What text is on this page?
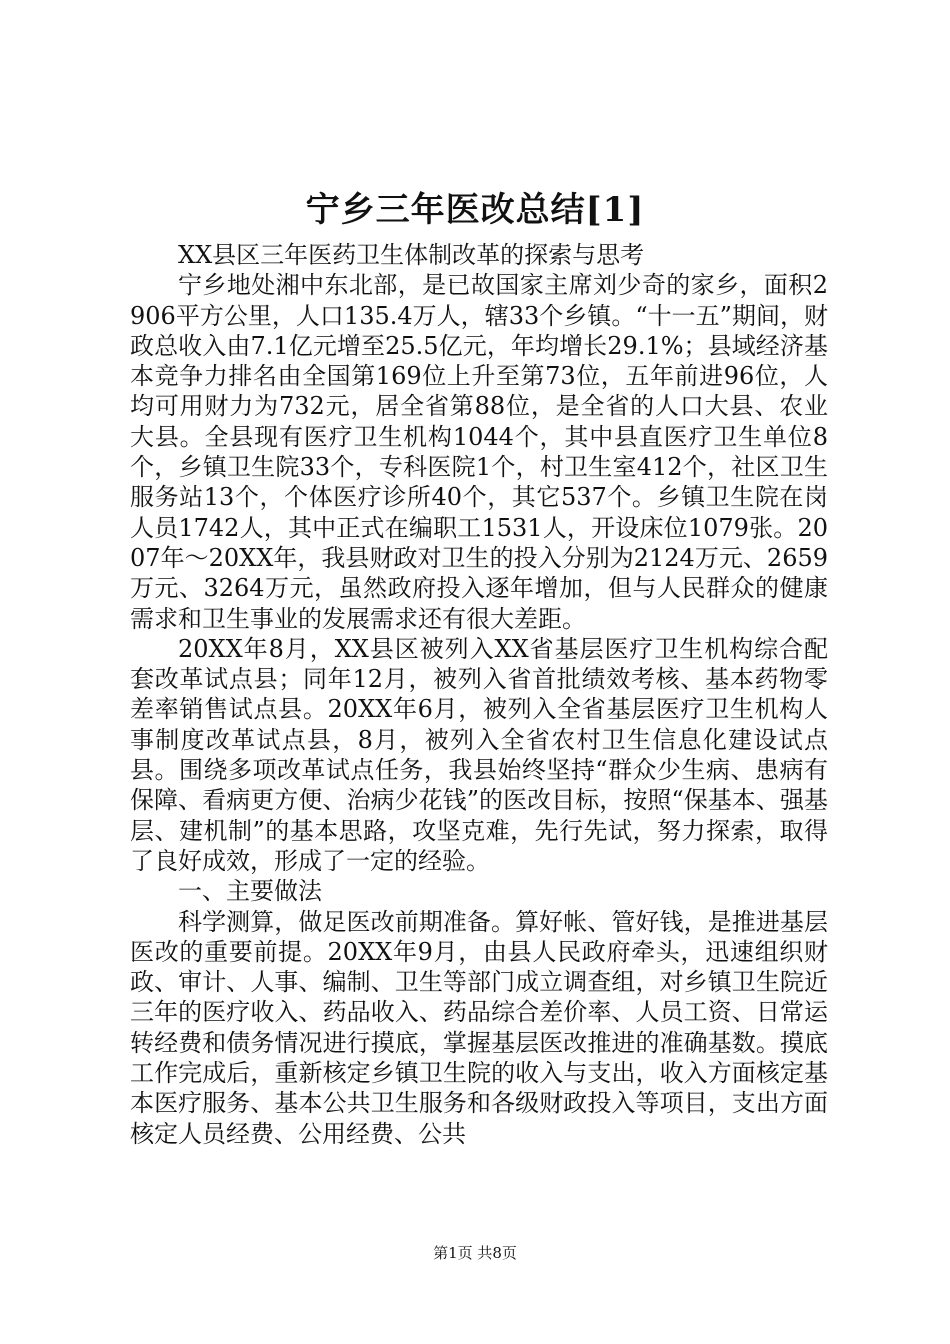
宁乡三年医改总结[1]

XX县区三年医药卫生体制改革的探索与思考

宁乡地处湘中东北部，是已故国家主席刘少奇的家乡，面积2906平方公里，人口135.4万人，辖33个乡镇。“十一五”期间，财政总收入由7.1亿元增至25.5亿元，年均增长29.1%；县域经济基本竞争力排名由全国第169位上升至第73位，五年前进96位，人均可用财力为732元，居全省第88位，是全省的人口大县、农业大县。全县现有医疗卫生机构1044个，其中县直医疗卫生单位8个，乡镇卫生院33个，专科医院1个，村卫生室412个，社区卫生服务站13个，个体医疗诊所40个，其它537个。乡镇卫生院在岗人员1742人，其中正式在编职工1531人，开设床位1079张。2007年～20XX年，我县财政对卫生的投入分别为2124万元、2659万元、3264万元，虽然政府投入逐年增加，但与人民群众的健康需求和卫生事业的发展需求还有很大差距。

20XX年8月，XX县区被列入XX省基层医疗卫生机构综合配套改革试点县；同年12月，被列入省首批绩效考核、基本药物零差率销售试点县。20XX年6月，被列入全省基层医疗卫生机构人事制度改革试点县，8月，被列入全省农村卫生信息化建设试点县。围绕多项改革试点任务，我县始终坚持“群众少生病、患病有保障、看病更方便、治病少花钱”的医改目标，按照“保基本、强基层、建机制”的基本思路，攻坚克难，先行先试，努力探索，取得了良好成效，形成了一定的经验。

一、主要做法

科学测算，做足医改前期准备。算好帐、管好钱，是推进基层医改的重要前提。20XX年9月，由县人民政府牵头，迅速组织财政、审计、人事、编制、卫生等部门成立调查组，对乡镇卫生院近三年的医疗收入、药品收入、药品综合差价率、人员工资、日常运转经费和债务情况进行摸底，掌握基层医改推进的准确基数。摸底工作完成后，重新核定乡镇卫生院的收入与支出，收入方面核定基本医疗服务、基本公共卫生服务和各级财政投入等项目，支出方面核定人员经费、公用经费、公共

第1页 共8页
